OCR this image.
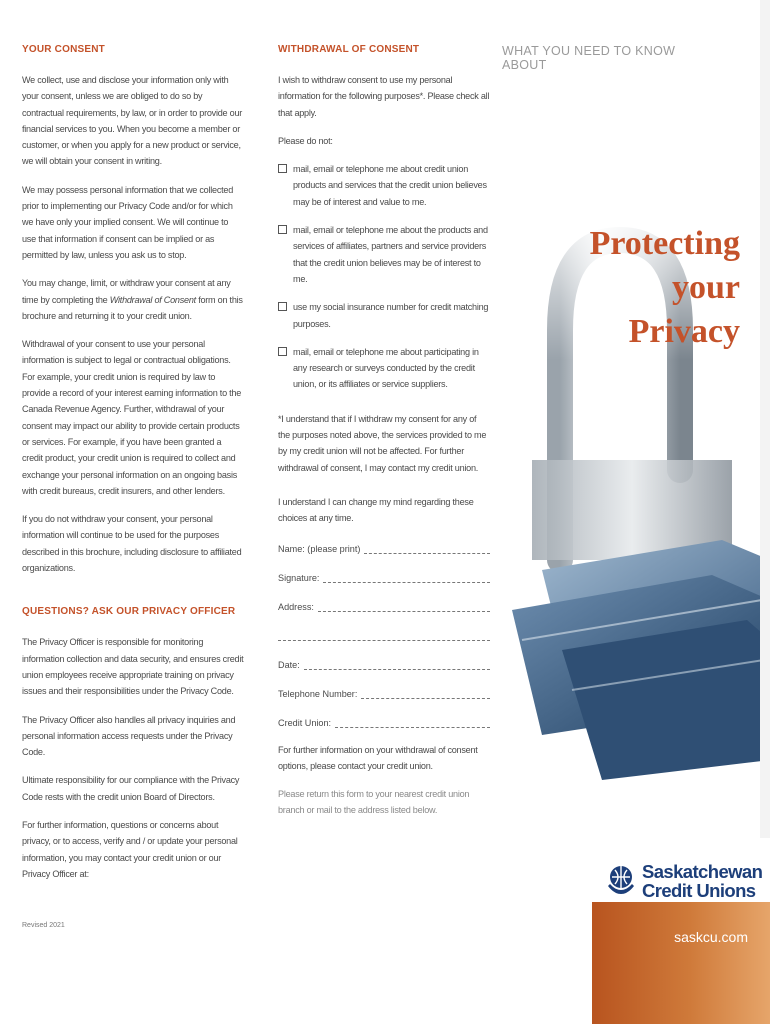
YOUR CONSENT

We collect, use and disclose your information only with your consent, unless we are obliged to do so by contractual requirements, by law, or in order to provide our financial services to you. When you become a member or customer, or when you apply for a new product or service, we will obtain your consent in writing.

We may possess personal information that we collected prior to implementing our Privacy Code and/or for which we have only your implied consent. We will continue to use that information if consent can be implied or as permitted by law, unless you ask us to stop.

You may change, limit, or withdraw your consent at any time by completing the Withdrawal of Consent form on this brochure and returning it to your credit union.

Withdrawal of your consent to use your personal information is subject to legal or contractual obligations. For example, your credit union is required by law to provide a record of your interest earning information to the Canada Revenue Agency. Further, withdrawal of your consent may impact our ability to provide certain products or services. For example, if you have been granted a credit product, your credit union is required to collect and exchange your personal information on an ongoing basis with credit bureaus, credit insurers, and other lenders.

If you do not withdraw your consent, your personal information will continue to be used for the purposes described in this brochure, including disclosure to affiliated organizations.

QUESTIONS? ASK OUR PRIVACY OFFICER

The Privacy Officer is responsible for monitoring information collection and data security, and ensures credit union employees receive appropriate training on privacy issues and their responsibilities under the Privacy Code.

The Privacy Officer also handles all privacy inquiries and personal information access requests under the Privacy Code.

Ultimate responsibility for our compliance with the Privacy Code rests with the credit union Board of Directors.

For further information, questions or concerns about privacy, or to access, verify and / or update your personal information, you may contact your credit union or our Privacy Officer at:

Revised 2021
WITHDRAWAL OF CONSENT

I wish to withdraw consent to use my personal information for the following purposes*. Please check all that apply.

Please do not:

mail, email or telephone me about credit union products and services that the credit union believes may be of interest and value to me.
mail, email or telephone me about the products and services of affiliates, partners and service providers that the credit union believes may be of interest to me.
use my social insurance number for credit matching purposes.
mail, email or telephone me about participating in any research or surveys conducted by the credit union, or its affiliates or service suppliers.

*I understand that if I withdraw my consent for any of the purposes noted above, the services provided to me by my credit union will not be affected. For further withdrawal of consent, I may contact my credit union.

I understand I can change my mind regarding these choices at any time.

Name: (please print)
Signature:
Address:
Date:
Telephone Number:
Credit Union:

For further information on your withdrawal of consent options, please contact your credit union.

Please return this form to your nearest credit union branch or mail to the address listed below.

WHAT YOU NEED TO KNOW ABOUT
Protecting
your
Privacy
Saskatchewan
Credit Unions
saskcu.com
